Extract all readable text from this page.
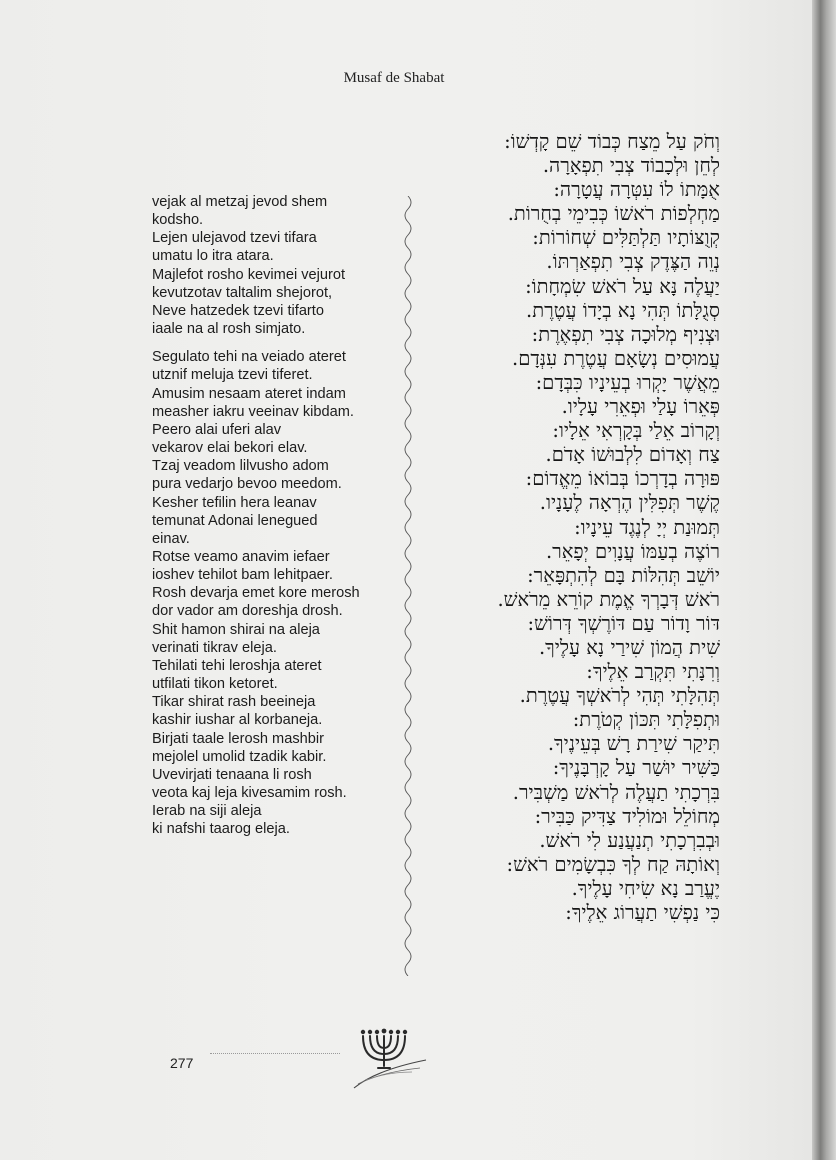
Musaf de Shabat
vejak al metzaj jevod shem
kodsho.
Lejen ulejavod tzevi tifara
umatu lo itra atara.
Majlefot rosho kevimei vejurot
kevutzotav taltalim shejorot,
Neve hatzedek tzevi tifarto
iaale na al rosh simjato.
Segulato tehi na veiado ateret
utznif meluja tzevi tiferet.
Amusim nesaam ateret indam
measher iakru veeinav kibdam.
Peero alai uferi alav
vekarov elai bekori elav.
Tzaj veadom lilvusho adom
pura vedarjo bevoo meedom.
Kesher tefilin hera leanav
temunat Adonai lenegued
einav.
Rotse veamo anavim iefaer
ioshev tehilot bam lehitpaer.
Rosh devarja emet kore merosh
dor vador am doreshja drosh.
Shit hamon shirai na aleja
verinati tikrav eleja.
Tehilati tehi leroshja ateret
utfilati tikon ketoret.
Tikar shirat rash beeineja
kashir iushar al korbaneja.
Birjati taale lerosh mashbir
mejolel umolid tzadik kabir.
Uvevirjati tenaana li rosh
veota kaj leja kivesamim rosh.
Ierab na siji aleja
ki nafshi taarog eleja.
וְחֹק עַל מֵצַח כְּבוֹד שֵׁם קָדְשׁוֹ:
לְחֵן וּלְכָבוֹד צְבִי תִפְאָרָה.
אֻמָּתוֹ לוֹ עִטְּרָה עֲטָרָה:
מַחְלְפוֹת רֹאשׁוֹ כְּבִימֵי בְחֻרוֹת.
קְוֻצּוֹתָיו תַּלְתַּלִּים שְׁחוֹרוֹת:
נְוֵה הַצֶּדֶק צְבִי תִפְאַרְתּוֹ.
יַעֲלֶה נָּא עַל רֹאשׁ שִׂמְחָתוֹ:
סְגֻלָּתוֹ תְּהִי נָא בְיָדוֹ עֲטֶרֶת.
וּצְנִיף מְלוּכָה צְבִי תִפְאֶרֶת:
עֲמוּסִים נְשָׂאָם עֲטֶרֶת עִנְּדָם.
מֵאֲשֶׁר יָקְרוּ בְעֵינָיו כִּבְּדָם:
פְּאֵרוֹ עָלַי וּפְאֵרִי עָלָיו.
וְקָרוֹב אֵלַי בְּקָרְאִי אֵלָיו:
צַח וְאָדוֹם לִלְבוּשׁוֹ אָדֹם.
פּוּרָה בְדָרְכוֹ בְּבוֹאוֹ מֵאֱדוֹם:
קֶשֶׁר תְּפִלִּין הֶרְאָה לֶעָנָיו.
תְּמוּנַת יְיָ לְנֶגֶד עֵינָיו:
רוֹצֶה בְעַמּוֹ עֲנָוִים יְפָאֵר.
יוֹשֵׁב תְּהִלּוֹת בָּם לְהִתְפָּאֵר:
רֹאשׁ דְּבָרְךָ אֱמֶת קוֹרֵא מֵרֹאשׁ.
דּוֹר וָדוֹר עַם דּוֹרֶשְׁךָ דְּרוֹשׁ:
שִׁית הֲמוֹן שִׁירַי נָא עָלֶיךָ.
וְרִנָּתִי תִּקְרַב אֵלֶיךָ:
תְּהִלָּתִי תְּהִי לְרֹאשְׁךָ עֲטֶרֶת.
וּתְפִלָּתִי תִּכּוֹן קְטֹרֶת:
תִּיקַר שִׁירַת רָשׁ בְּעֵינֶיךָ.
כַּשִּׁיר יוּשַׁר עַל קָרְבָּנֶיךָ:
בִּרְכָתִי תַעֲלֶה לְרֹאשׁ מַשְׁבִּיר.
מְחוֹלֵל וּמוֹלִיד צַדִּיק כַּבִּיר:
וּבְבִרְכָתִי תְנַעֲנַע לִי רֹאשׁ.
וְאוֹתָהּ קַח לְךָ כִּבְשָׂמִים רֹאשׁ:
יֶעֱרַב נָא שִׂיחִי עָלֶיךָ.
כִּי נַפְשִׁי תַעֲרוֹג אֵלֶיךָ:
277
